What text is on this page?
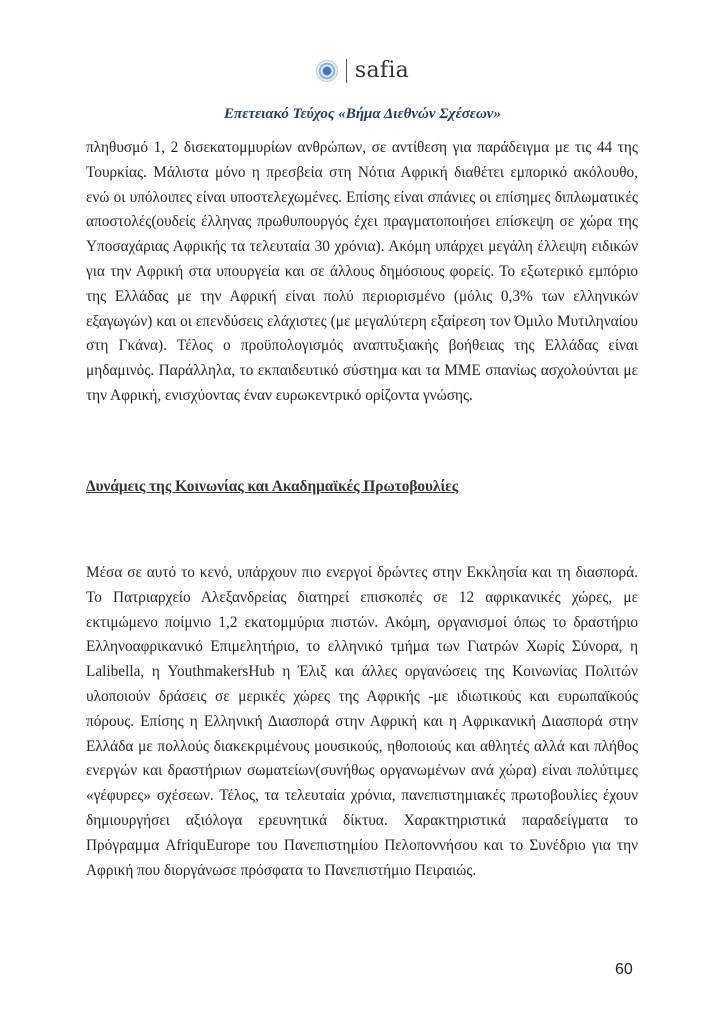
safia
Επετειακό Τεύχος «Βήμα Διεθνών Σχέσεων»

πληθυσμό 1, 2 δισεκατομμυρίων ανθρώπων, σε αντίθεση για παράδειγμα με τις 44 της Τουρκίας. Μάλιστα μόνο η πρεσβεία στη Νότια Αφρική διαθέτει εμπορικό ακόλουθο, ενώ οι υπόλοιπες είναι υποστελεχωμένες. Επίσης είναι σπάνιες οι επίσημες διπλωματικές αποστολές(ουδείς έλληνας πρωθυπουργός έχει πραγματοποιήσει επίσκεψη σε χώρα της Υποσαχάριας Αφρικής τα τελευταία 30 χρόνια). Ακόμη υπάρχει μεγάλη έλλειψη ειδικών για την Αφρική στα υπουργεία και σε άλλους δημόσιους φορείς. Το εξωτερικό εμπόριο της Ελλάδας με την Αφρική είναι πολύ περιορισμένο (μόλις 0,3% των ελληνικών εξαγωγών) και οι επενδύσεις ελάχιστες (με μεγαλύτερη εξαίρεση τον Όμιλο Μυτιληναίου στη Γκάνα). Τέλος ο προϋπολογισμός αναπτυξιακής βοήθειας της Ελλάδας είναι μηδαμινός. Παράλληλα, το εκπαιδευτικό σύστημα και τα ΜΜΕ σπανίως ασχολούνται με την Αφρική, ενισχύοντας έναν ευρωκεντρικό ορίζοντα γνώσης.

Δυνάμεις της Κοινωνίας και Ακαδημαϊκές Πρωτοβουλίες

Μέσα σε αυτό το κενό, υπάρχουν πιο ενεργοί δρώντες στην Εκκλησία και τη διασπορά. Το Πατριαρχείο Αλεξανδρείας διατηρεί επισκοπές σε 12 αφρικανικές χώρες, με εκτιμώμενο ποίμνιο 1,2 εκατομμύρια πιστών. Ακόμη, οργανισμοί όπως το δραστήριο Ελληνοαφρικανικό Επιμελητήριο, το ελληνικό τμήμα των Γιατρών Χωρίς Σύνορα, η Lalibella, η YouthmakersHub η Έλιξ και άλλες οργανώσεις της Κοινωνίας Πολιτών υλοποιούν δράσεις σε μερικές χώρες της Αφρικής -με ιδιωτικούς και ευρωπαϊκούς πόρους. Επίσης η Ελληνική Διασπορά στην Αφρική και η Αφρικανική Διασπορά στην Ελλάδα με πολλούς διακεκριμένους μουσικούς, ηθοποιούς και αθλητές αλλά και πλήθος ενεργών και δραστήριων σωματείων(συνήθως οργανωμένων ανά χώρα) είναι πολύτιμες «γέφυρες» σχέσεων. Τέλος, τα τελευταία χρόνια, πανεπιστημιακές πρωτοβουλίες έχουν δημιουργήσει αξιόλογα ερευνητικά δίκτυα. Χαρακτηριστικά παραδείγματα το Πρόγραμμα AfriquEurope του Πανεπιστημίου Πελοποννήσου και το Συνέδριο για την Αφρική που διοργάνωσε πρόσφατα το Πανεπιστήμιο Πειραιώς.

60
